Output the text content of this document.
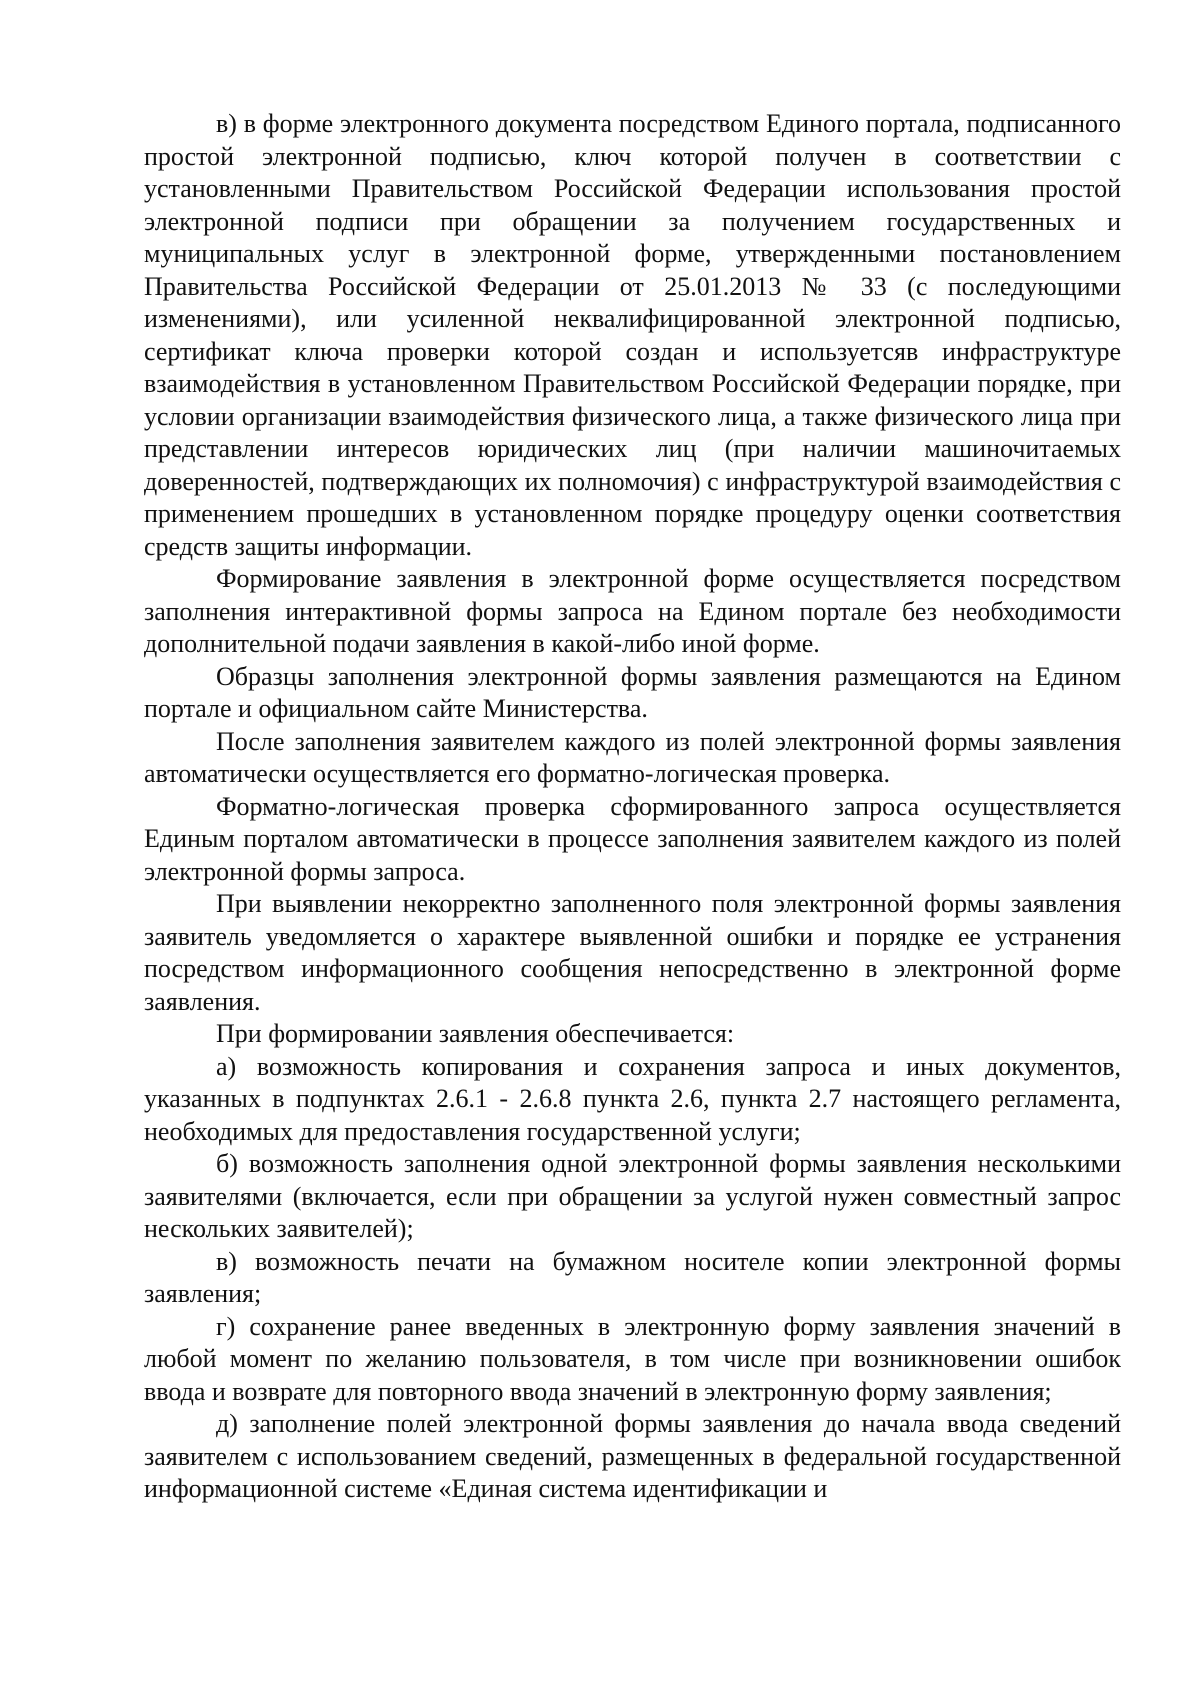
в) в форме электронного документа посредством Единого портала, подписанного простой электронной подписью, ключ которой получен в соответствии с установленными Правительством Российской Федерации использования простой электронной подписи при обращении за получением государственных и муниципальных услуг в электронной форме, утвержденными постановлением Правительства Российской Федерации от 25.01.2013 № 33 (с последующими изменениями), или усиленной неквалифицированной электронной подписью, сертификат ключа проверки которой создан и используетсяв инфраструктуре взаимодействия в установленном Правительством Российской Федерации порядке, при условии организации взаимодействия физического лица, а также физического лица при представлении интересов юридических лиц (при наличии машиночитаемых доверенностей, подтверждающих их полномочия) с инфраструктурой взаимодействия с применением прошедших в установленном порядке процедуру оценки соответствия средств защиты информации.

Формирование заявления в электронной форме осуществляется посредством заполнения интерактивной формы запроса на Едином портале без необходимости дополнительной подачи заявления в какой-либо иной форме.

Образцы заполнения электронной формы заявления размещаются на Едином портале и официальном сайте Министерства.

После заполнения заявителем каждого из полей электронной формы заявления автоматически осуществляется его форматно-логическая проверка.

Форматно-логическая проверка сформированного запроса осуществляется Единым порталом автоматически в процессе заполнения заявителем каждого из полей электронной формы запроса.

При выявлении некорректно заполненного поля электронной формы заявления заявитель уведомляется о характере выявленной ошибки и порядке ее устранения посредством информационного сообщения непосредственно в электронной форме заявления.

При формировании заявления обеспечивается:

а) возможность копирования и сохранения запроса и иных документов, указанных в подпунктах 2.6.1 - 2.6.8 пункта 2.6, пункта 2.7 настоящего регламента, необходимых для предоставления государственной услуги;

б) возможность заполнения одной электронной формы заявления несколькими заявителями (включается, если при обращении за услугой нужен совместный запрос нескольких заявителей);

в) возможность печати на бумажном носителе копии электронной формы заявления;

г) сохранение ранее введенных в электронную форму заявления значений в любой момент по желанию пользователя, в том числе при возникновении ошибок ввода и возврате для повторного ввода значений в электронную форму заявления;

д) заполнение полей электронной формы заявления до начала ввода сведений заявителем с использованием сведений, размещенных в федеральной государственной информационной системе «Единая система идентификации и
